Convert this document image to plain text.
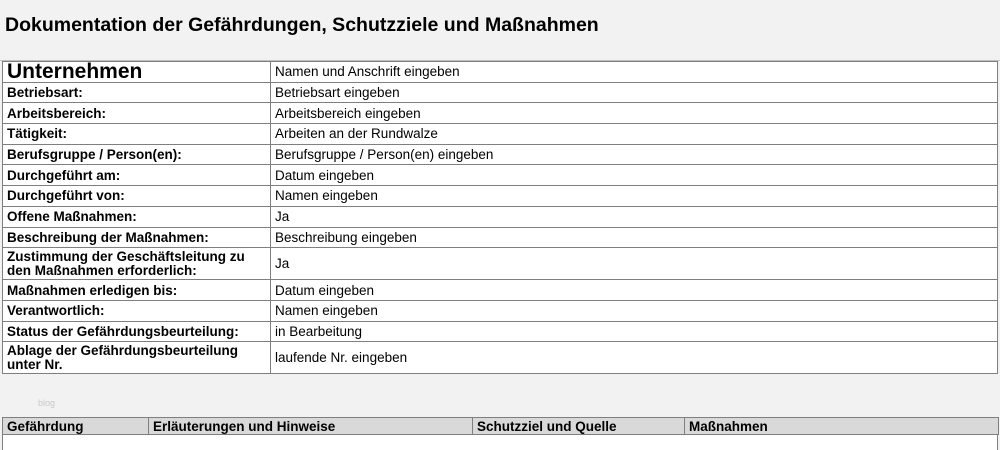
Dokumentation der Gefährdungen, Schutzziele und Maßnahmen
Unternehmen	Namen und Anschrift eingeben
Betriebsart:	Betriebsart eingeben
Arbeitsbereich:	Arbeitsbereich eingeben
Tätigkeit:	Arbeiten an der Rundwalze
Berufsgruppe / Person(en):	Berufsgruppe / Person(en) eingeben
Durchgeführt am:	Datum eingeben
Durchgeführt von:	Namen eingeben
Offene Maßnahmen:	Ja
Beschreibung der Maßnahmen:	Beschreibung eingeben
Zustimmung der Geschäftsleitung zu den Maßnahmen erforderlich:	Ja
Maßnahmen erledigen bis:	Datum eingeben
Verantwortlich:	Namen eingeben
Status der Gefährdungsbeurteilung:	in Bearbeitung
Ablage der Gefährdungsbeurteilung unter Nr.	laufende Nr. eingeben
blog
Gefährdung	Erläuterungen und Hinweise	Schutzziel und Quelle	Maßnahmen
